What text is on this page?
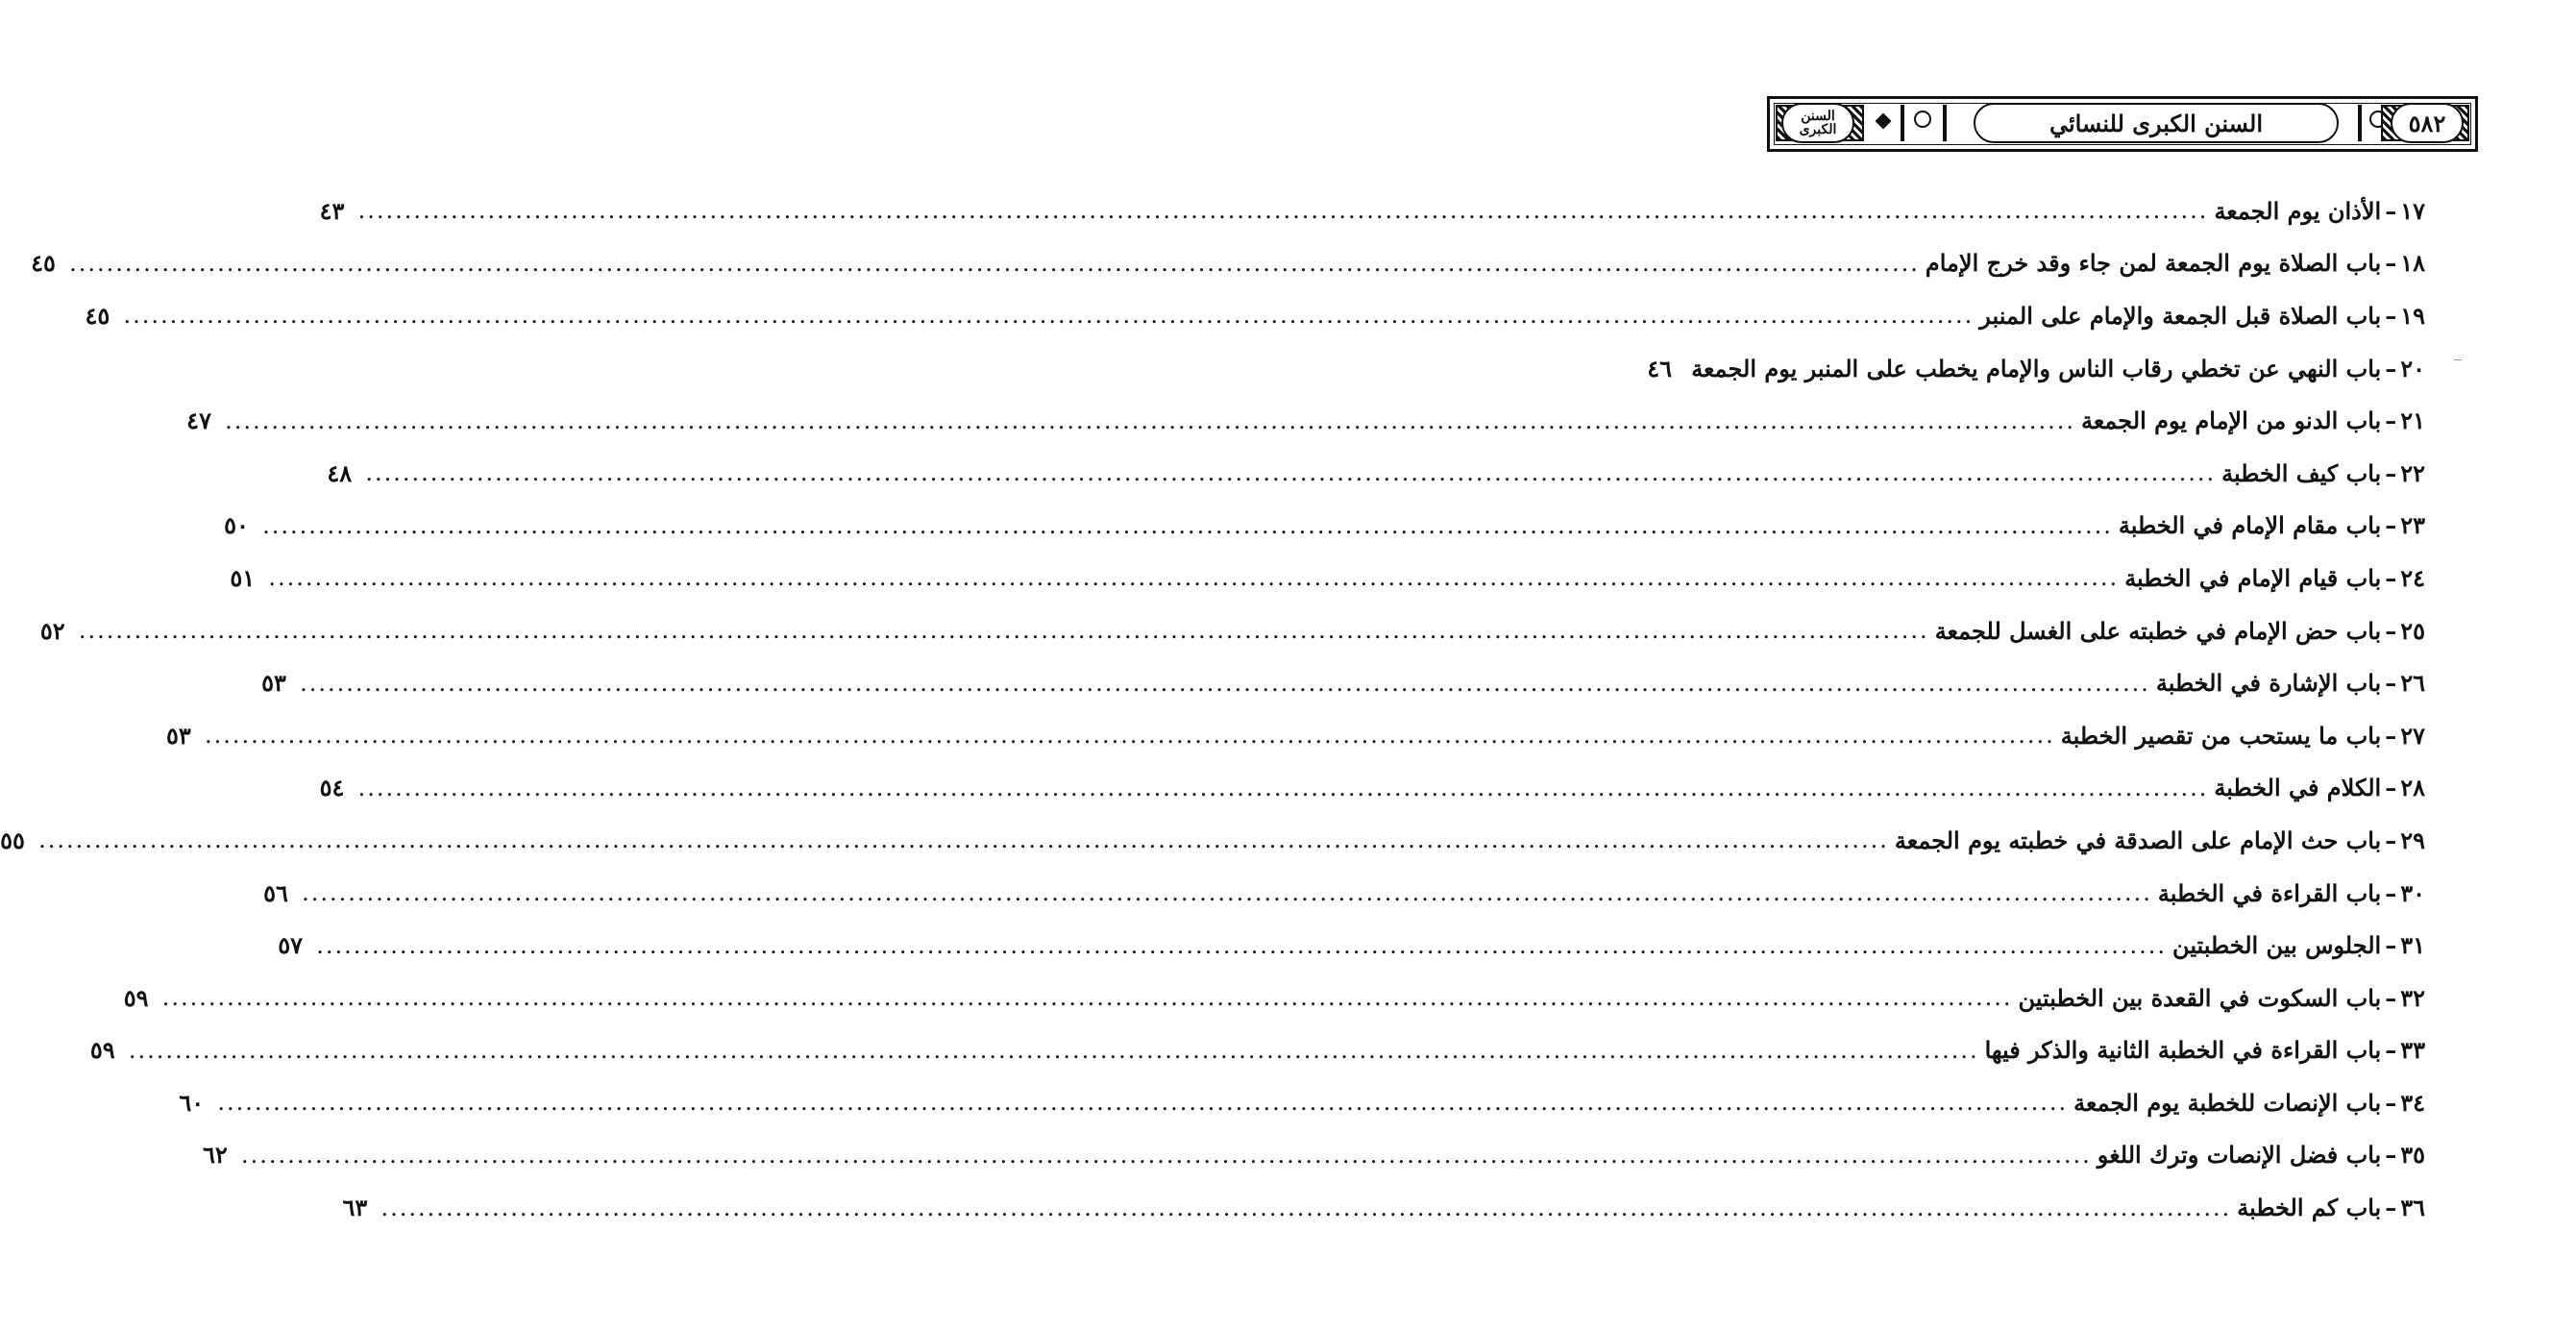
السنن الكبرى	السنن الكبرى للنسائي	٥٨٢
١٧
–
الأذان يوم الجمعة
........................................................................................................................................................................................................
٤٣
١٨
–
باب الصلاة يوم الجمعة لمن جاء وقد خرج الإمام
........................................................................................................................................................................................................
٤٥
١٩
–
باب الصلاة قبل الجمعة والإمام على المنبر
........................................................................................................................................................................................................
٤٥
٢٠
–
باب النهي عن تخطي رقاب الناس والإمام يخطب على المنبر يوم الجمعة
٤٦
٢١
–
باب الدنو من الإمام يوم الجمعة
........................................................................................................................................................................................................
٤٧
٢٢
–
باب كيف الخطبة
........................................................................................................................................................................................................
٤٨
٢٣
–
باب مقام الإمام في الخطبة
........................................................................................................................................................................................................
٥٠
٢٤
–
باب قيام الإمام في الخطبة
........................................................................................................................................................................................................
٥١
٢٥
–
باب حض الإمام في خطبته على الغسل للجمعة
........................................................................................................................................................................................................
٥٢
٢٦
–
باب الإشارة في الخطبة
........................................................................................................................................................................................................
٥٣
٢٧
–
باب ما يستحب من تقصير الخطبة
........................................................................................................................................................................................................
٥٣
٢٨
–
الكلام في الخطبة
........................................................................................................................................................................................................
٥٤
٢٩
–
باب حث الإمام على الصدقة في خطبته يوم الجمعة
........................................................................................................................................................................................................
٥٥
٣٠
–
باب القراءة في الخطبة
........................................................................................................................................................................................................
٥٦
٣١
–
الجلوس بين الخطبتين
........................................................................................................................................................................................................
٥٧
٣٢
–
باب السكوت في القعدة بين الخطبتين
........................................................................................................................................................................................................
٥٩
٣٣
–
باب القراءة في الخطبة الثانية والذكر فيها
........................................................................................................................................................................................................
٥٩
٣٤
–
باب الإنصات للخطبة يوم الجمعة
........................................................................................................................................................................................................
٦٠
٣٥
–
باب فضل الإنصات وترك اللغو
........................................................................................................................................................................................................
٦٢
٣٦
–
باب كم الخطبة
........................................................................................................................................................................................................
٦٣
